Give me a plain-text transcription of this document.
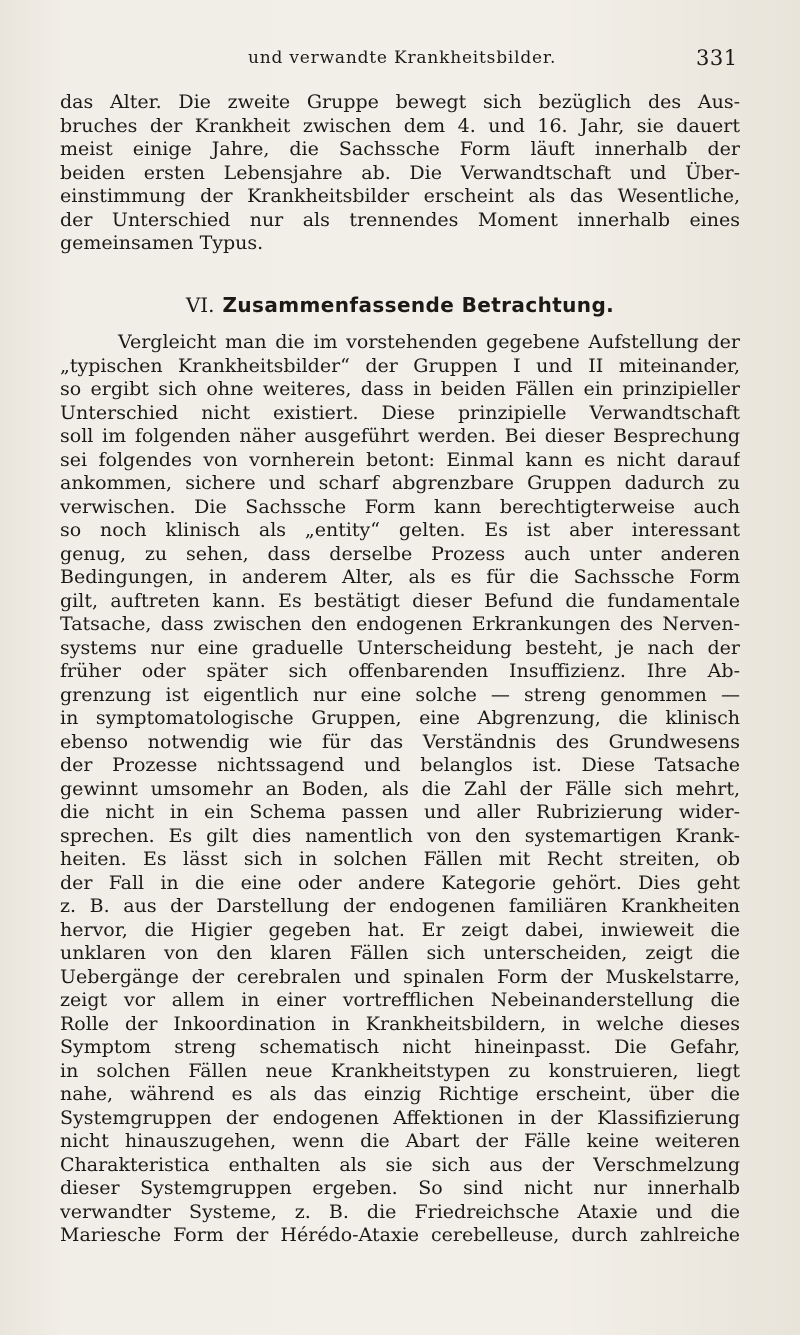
und verwandte Krankheitsbilder.	331
das Alter. Die zweite Gruppe bewegt sich bezüglich des Aus-
bruches der Krankheit zwischen dem 4. und 16. Jahr, sie dauert
meist einige Jahre, die Sachssche Form läuft innerhalb der
beiden ersten Lebensjahre ab. Die Verwandtschaft und Über-
einstimmung der Krankheitsbilder erscheint als das Wesentliche,
der Unterschied nur als trennendes Moment innerhalb eines
gemeinsamen Typus.
VI. Zusammenfassende Betrachtung.
Vergleicht man die im vorstehenden gegebene Aufstellung der
„typischen Krankheitsbilder“ der Gruppen I und II miteinander,
so ergibt sich ohne weiteres, dass in beiden Fällen ein prinzipieller
Unterschied nicht existiert. Diese prinzipielle Verwandtschaft
soll im folgenden näher ausgeführt werden. Bei dieser Besprechung
sei folgendes von vornherein betont: Einmal kann es nicht darauf
ankommen, sichere und scharf abgrenzbare Gruppen dadurch zu
verwischen. Die Sachssche Form kann berechtigterweise auch
so noch klinisch als „entity“ gelten. Es ist aber interessant
genug, zu sehen, dass derselbe Prozess auch unter anderen
Bedingungen, in anderem Alter, als es für die Sachssche Form
gilt, auftreten kann. Es bestätigt dieser Befund die fundamentale
Tatsache, dass zwischen den endogenen Erkrankungen des Nerven-
systems nur eine graduelle Unterscheidung besteht, je nach der
früher oder später sich offenbarenden Insuffizienz. Ihre Ab-
grenzung ist eigentlich nur eine solche — streng genommen —
in symptomatologische Gruppen, eine Abgrenzung, die klinisch
ebenso notwendig wie für das Verständnis des Grundwesens
der Prozesse nichtssagend und belanglos ist. Diese Tatsache
gewinnt umsomehr an Boden, als die Zahl der Fälle sich mehrt,
die nicht in ein Schema passen und aller Rubrizierung wider-
sprechen. Es gilt dies namentlich von den systemartigen Krank-
heiten. Es lässt sich in solchen Fällen mit Recht streiten, ob
der Fall in die eine oder andere Kategorie gehört. Dies geht
z. B. aus der Darstellung der endogenen familiären Krankheiten
hervor, die Higier gegeben hat. Er zeigt dabei, inwieweit die
unklaren von den klaren Fällen sich unterscheiden, zeigt die
Uebergänge der cerebralen und spinalen Form der Muskelstarre,
zeigt vor allem in einer vortrefflichen Nebeinanderstellung die
Rolle der Inkoordination in Krankheitsbildern, in welche dieses
Symptom streng schematisch nicht hineinpasst. Die Gefahr,
in solchen Fällen neue Krankheitstypen zu konstruieren, liegt
nahe, während es als das einzig Richtige erscheint, über die
Systemgruppen der endogenen Affektionen in der Klassifizierung
nicht hinauszugehen, wenn die Abart der Fälle keine weiteren
Charakteristica enthalten als sie sich aus der Verschmelzung
dieser Systemgruppen ergeben. So sind nicht nur innerhalb
verwandter Systeme, z. B. die Friedreichsche Ataxie und die
Mariesche Form der Hérédo-Ataxie cerebelleuse, durch zahlreiche
